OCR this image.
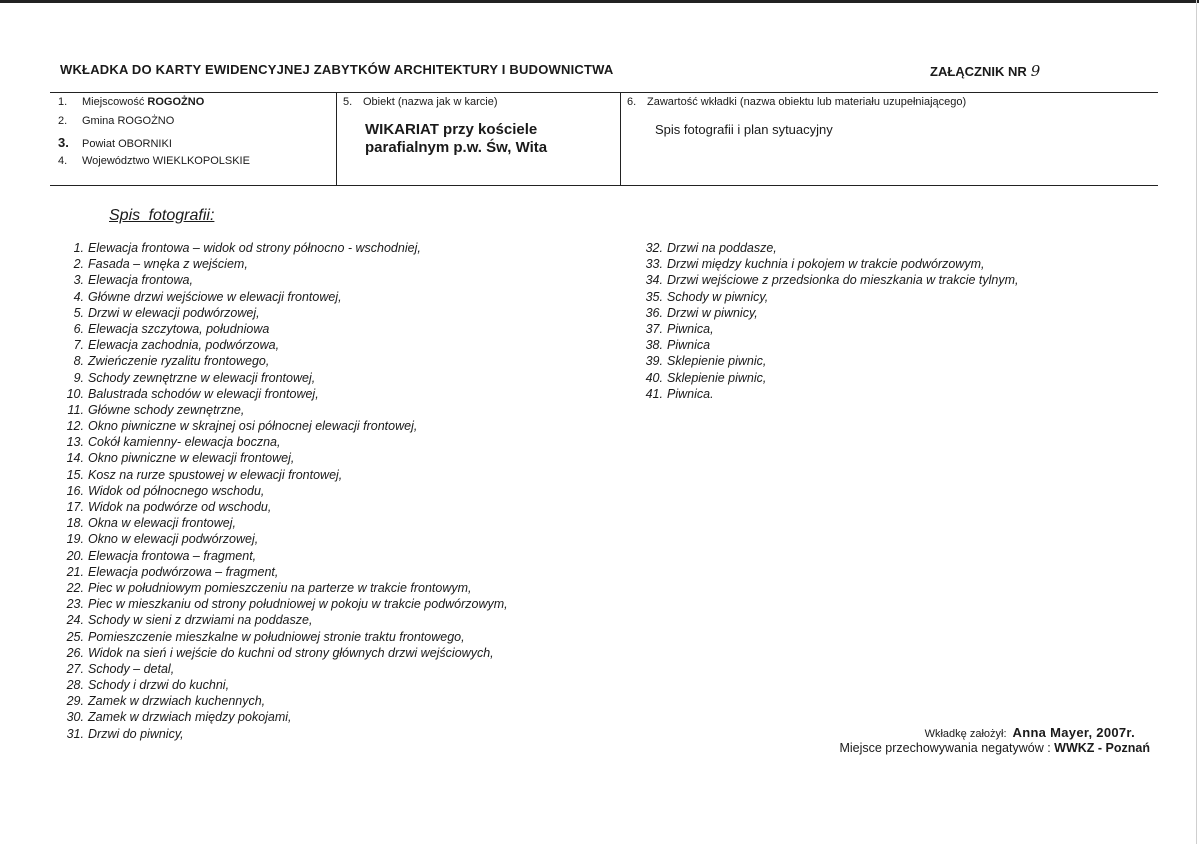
WKŁADKA DO KARTY EWIDENCYJNEJ ZABYTKÓW ARCHITEKTURY I BUDOWNICTWA	ZAŁĄCZNIK NR 9
1. Miejscowość ROGOŻNO
2. Gmina ROGOŻNO
3. Powiat OBORNIKI
4. Województwo WIEKLKOPOLSKIE
5. Obiekt (nazwa jak w karcie)
WIKARIAT przy kościele
parafialnym p.w. Św, Wita
6. Zawartość wkładki (nazwa obiektu lub materiału uzupełniającego)
Spis fotografii i plan sytuacyjny
Spis fotografii:
1. Elewacja frontowa – widok od strony północno - wschodniej,
2. Fasada – wnęka z wejściem,
3. Elewacja frontowa,
4. Główne drzwi wejściowe w elewacji frontowej,
5. Drzwi w elewacji podwórzowej,
6. Elewacja szczytowa, południowa
7. Elewacja zachodnia, podwórzowa,
8. Zwieńczenie ryzalitu frontowego,
9. Schody zewnętrzne w elewacji frontowej,
10. Balustrada schodów w elewacji frontowej,
11. Główne schody zewnętrzne,
12. Okno piwniczne w skrajnej osi północnej elewacji frontowej,
13. Cokół kamienny- elewacja boczna,
14. Okno piwniczne w elewacji frontowej,
15. Kosz na rurze spustowej w elewacji frontowej,
16. Widok od północnego wschodu,
17. Widok na podwórze od wschodu,
18. Okna w elewacji frontowej,
19. Okno w elewacji podwórzowej,
20. Elewacja frontowa – fragment,
21. Elewacja podwórzowa – fragment,
22. Piec w południowym pomieszczeniu na parterze w trakcie frontowym,
23. Piec w mieszkaniu od strony południowej w pokoju w trakcie podwórzowym,
24. Schody w sieni z drzwiami na poddasze,
25. Pomieszczenie mieszkalne w południowej stronie traktu frontowego,
26. Widok na sień i wejście do kuchni od strony głównych drzwi wejściowych,
27. Schody – detal,
28. Schody i drzwi do kuchni,
29. Zamek w drzwiach kuchennych,
30. Zamek w drzwiach między pokojami,
31. Drzwi do piwnicy,
32. Drzwi na poddasze,
33. Drzwi między kuchnia i pokojem w trakcie podwórzowym,
34. Drzwi wejściowe z przedsionka do mieszkania w trakcie tylnym,
35. Schody w piwnicy,
36. Drzwi w piwnicy,
37. Piwnica,
38. Piwnica
39. Sklepienie piwnic,
40. Sklepienie piwnic,
41. Piwnica.
Wkładkę założył: Anna Mayer, 2007r.
Miejsce przechowywania negatywów : WWKZ - Poznań
